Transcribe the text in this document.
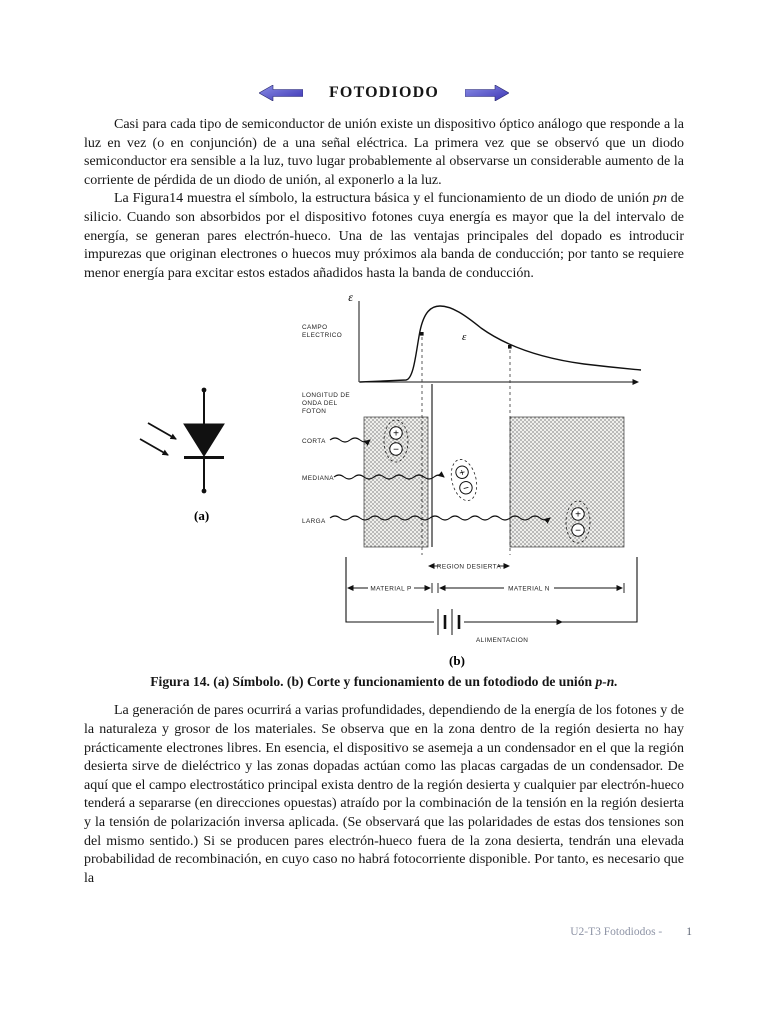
FOTODIODO

Casi para cada tipo de semiconductor de unión existe un dispositivo óptico análogo que responde a la luz en vez (o en conjunción) de a una señal eléctrica. La primera vez que se observó que un diodo semiconductor era sensible a la luz, tuvo lugar probablemente al observarse un considerable aumento de la corriente de pérdida de un diodo de unión, al exponerlo a la luz.

La Figura14 muestra el símbolo, la estructura básica y el funcionamiento de un diodo de unión pn de silicio. Cuando son absorbidos por el dispositivo fotones cuya energía es mayor que la del intervalo de energía, se generan pares electrón-hueco. Una de las ventajas principales del dopado es introducir impurezas que originan electrones o huecos muy próximos ala banda de conducción; por tanto se requiere menor energía para excitar estos estados añadidos hasta la banda de conducción.

(a)
ε
ε
CAMPO
ELECTRICO
LONGITUD DE
ONDA DEL
FOTON
CORTA
MEDIANA
LARGA
+
−
+
−
+
−
REGION DESIERTA
MATERIAL P	MATERIAL N
ALIMENTACION
(b)
Figura 14. (a) Símbolo. (b) Corte y funcionamiento de un fotodiodo de unión p-n.

La generación de pares ocurrirá a varias profundidades, dependiendo de la energía de los fotones y de la naturaleza y grosor de los materiales. Se observa que en la zona dentro de la región desierta no hay prácticamente electrones libres. En esencia, el dispositivo se asemeja a un condensador en el que la región desierta sirve de dieléctrico y las zonas dopadas actúan como las placas cargadas de un condensador. De aquí que el campo electrostático principal exista dentro de la región desierta y cualquier par electrón-hueco tenderá a separarse (en direcciones opuestas) atraído por la combinación de la tensión en la región desierta y la tensión de polarización inversa aplicada. (Se observará que las polaridades de estas dos tensiones son del mismo sentido.) Si se producen pares electrón-hueco fuera de la zona desierta, tendrán una elevada probabilidad de recombinación, en cuyo caso no habrá fotocorriente disponible. Por tanto, es necesario que la

U2-T3 Fotodiodos - 1
